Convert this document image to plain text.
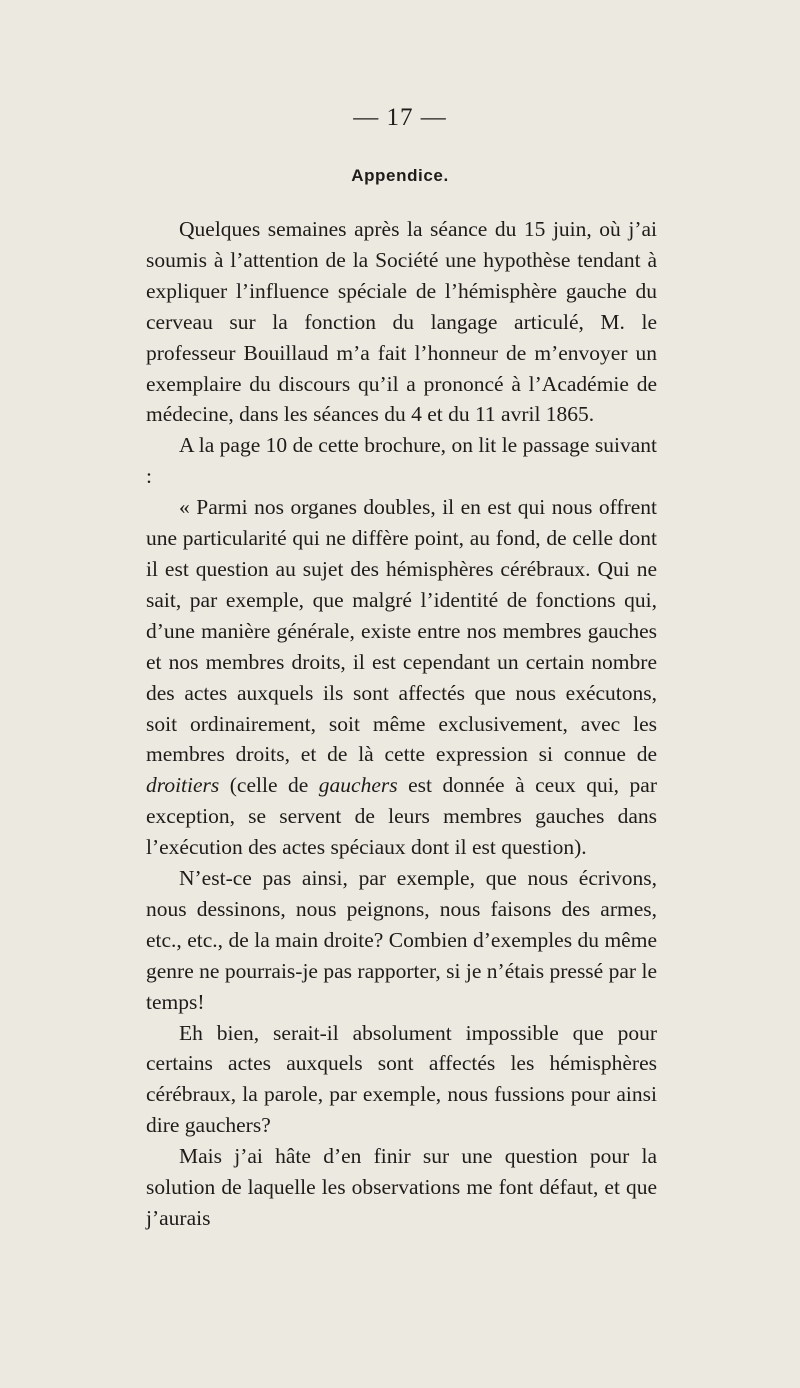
— 17 —
Appendice.

Quelques semaines après la séance du 15 juin, où j’ai soumis à l’attention de la Société une hypothèse tendant à expliquer l’influence spéciale de l’hémisphère gauche du cerveau sur la fonction du langage articulé, M. le professeur Bouillaud m’a fait l’honneur de m’envoyer un exemplaire du discours qu’il a prononcé à l’Académie de médecine, dans les séances du 4 et du 11 avril 1865.

A la page 10 de cette brochure, on lit le passage suivant :

« Parmi nos organes doubles, il en est qui nous offrent une particularité qui ne diffère point, au fond, de celle dont il est question au sujet des hémisphères cérébraux. Qui ne sait, par exemple, que malgré l’identité de fonctions qui, d’une manière générale, existe entre nos membres gauches et nos membres droits, il est cependant un certain nombre des actes auxquels ils sont affectés que nous exécutons, soit ordinairement, soit même exclusivement, avec les membres droits, et de là cette expression si connue de droitiers (celle de gauchers est donnée à ceux qui, par exception, se servent de leurs membres gauches dans l’exécution des actes spéciaux dont il est question).

N’est-ce pas ainsi, par exemple, que nous écrivons, nous dessinons, nous peignons, nous faisons des armes, etc., etc., de la main droite? Combien d’exemples du même genre ne pourrais-je pas rapporter, si je n’étais pressé par le temps!

Eh bien, serait-il absolument impossible que pour certains actes auxquels sont affectés les hémisphères cérébraux, la parole, par exemple, nous fussions pour ainsi dire gauchers?

Mais j’ai hâte d’en finir sur une question pour la solution de laquelle les observations me font défaut, et que j’aurais
